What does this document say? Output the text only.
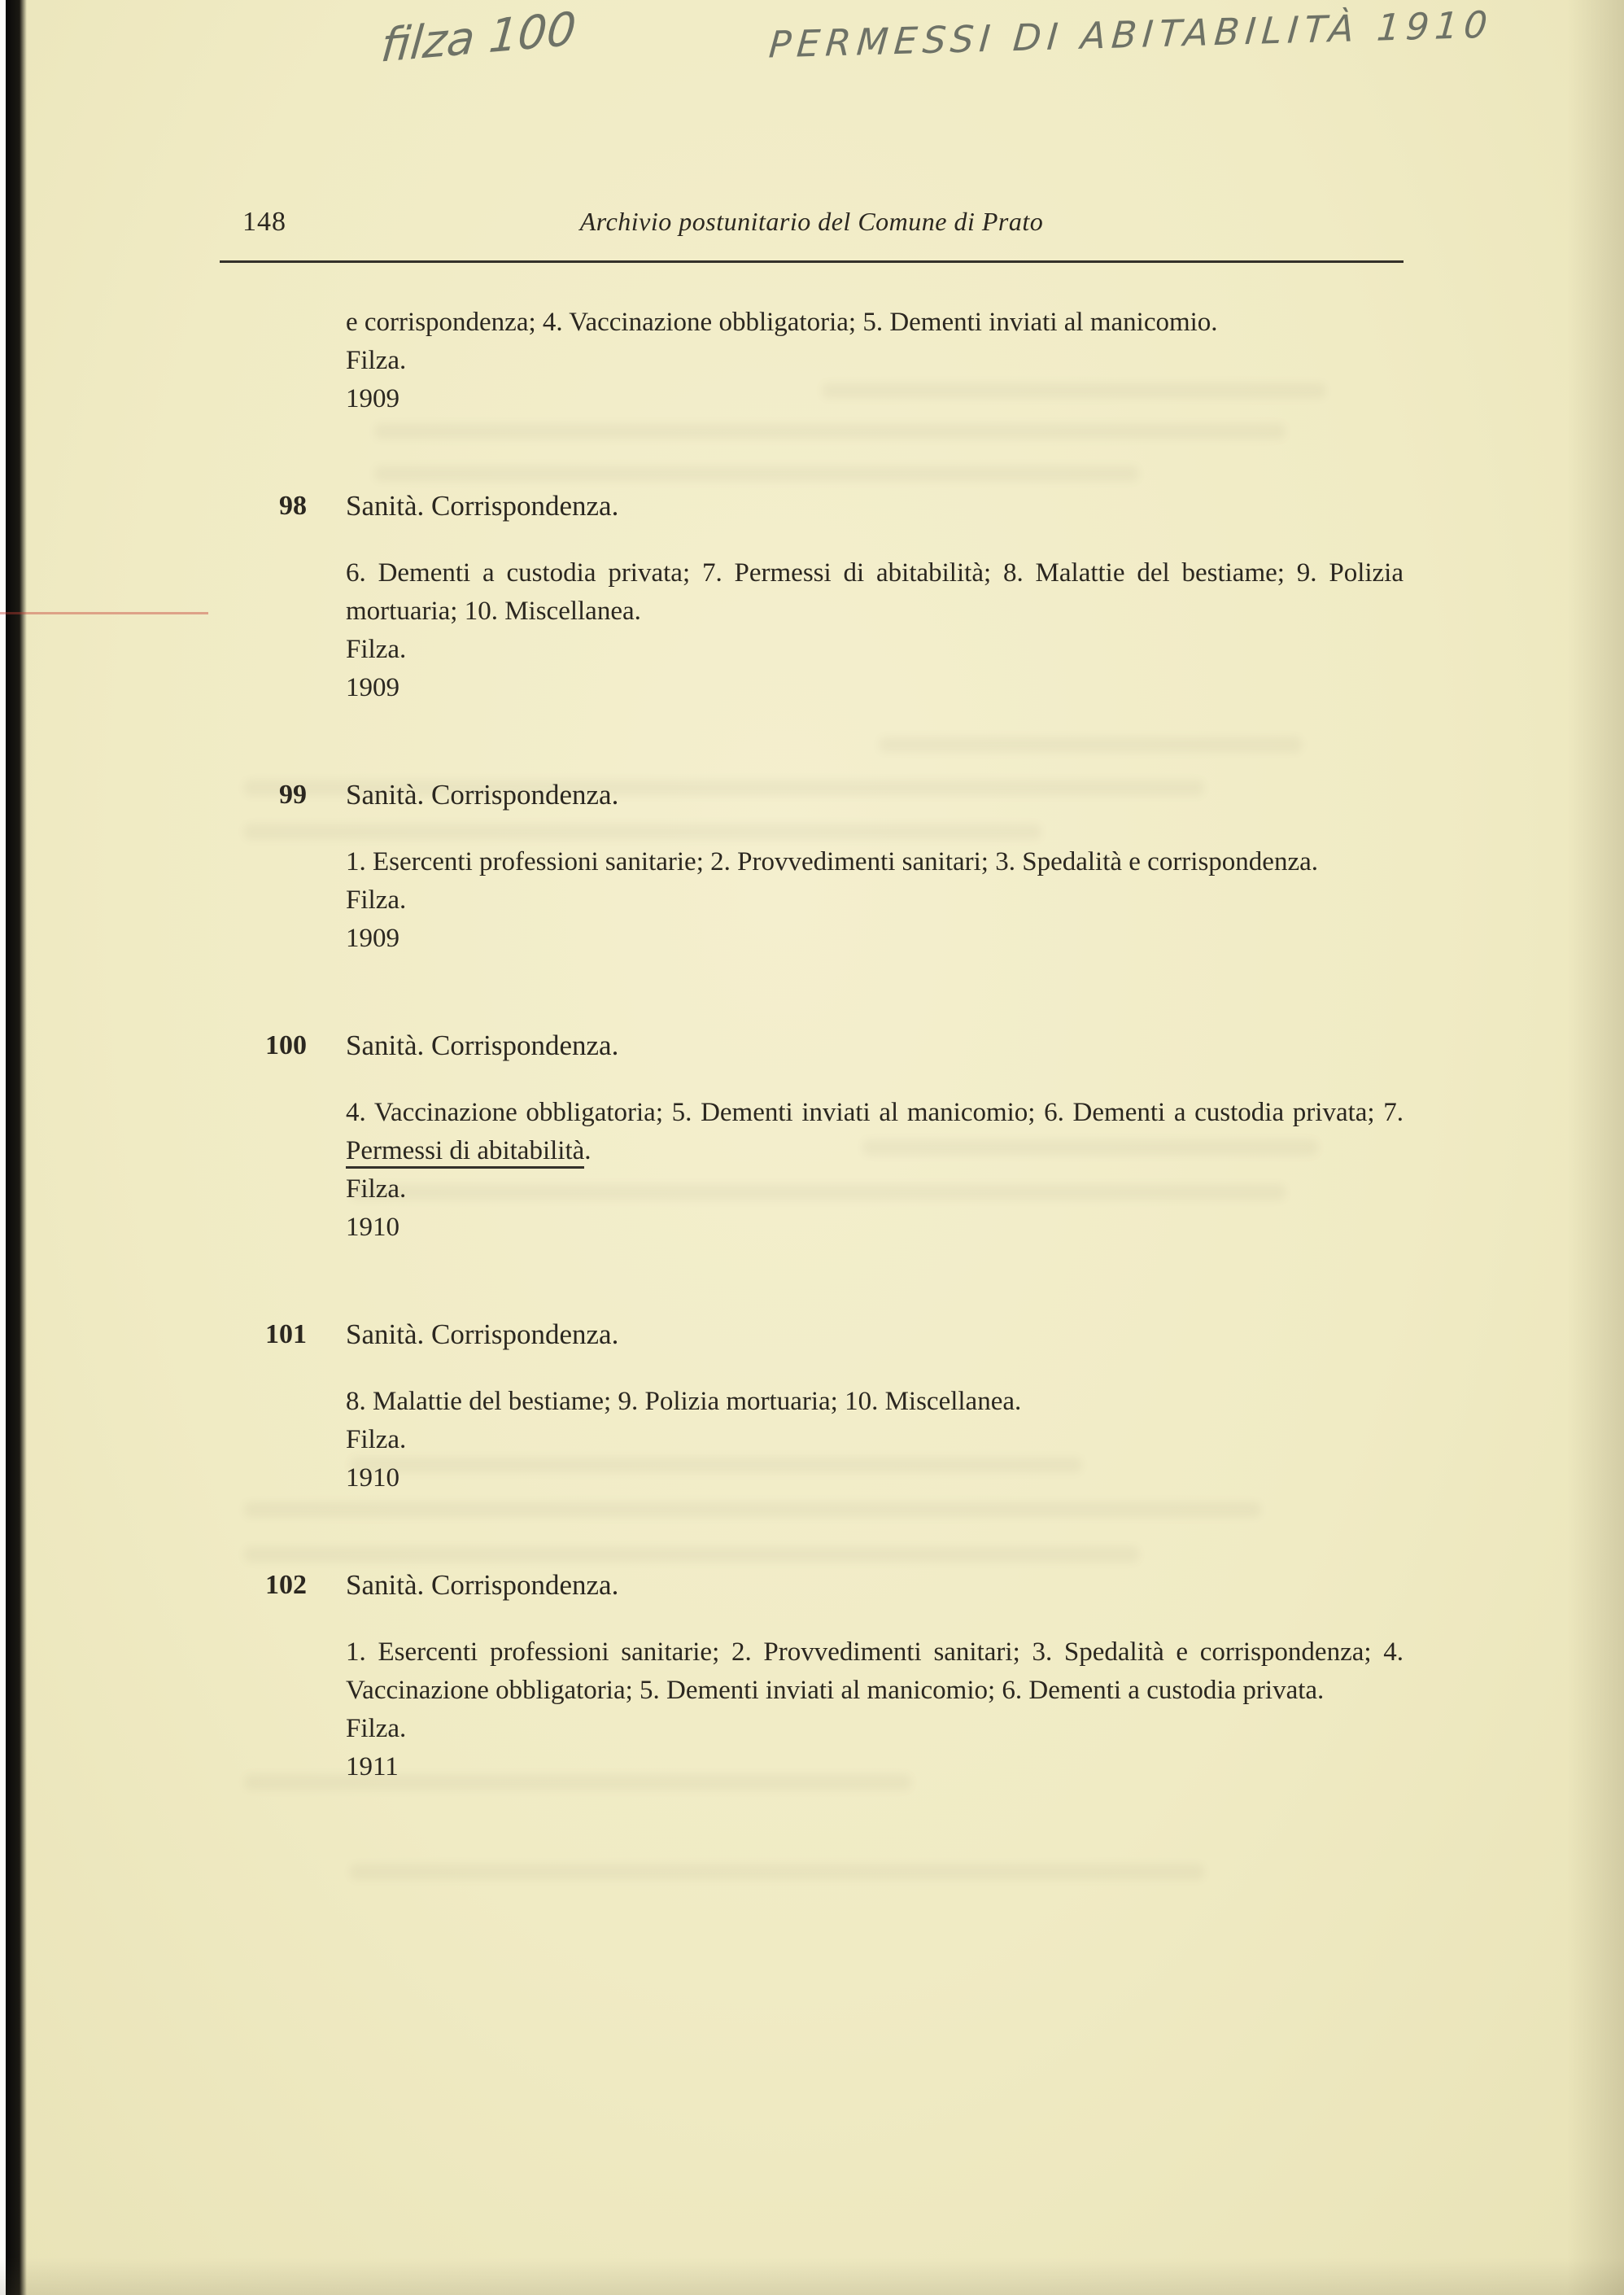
filza 100	PERMESSI DI ABITABILITÀ 1910
148	Archivio postunitario del Comune di Prato

e corrispondenza; 4. Vaccinazione obbligatoria; 5. Dementi inviati al manicomio.

Filza.
1909
98	Sanità. Corrispondenza.

6. Dementi a custodia privata; 7. Permessi di abitabilità; 8. Malattie del bestiame; 9. Polizia mortuaria; 10. Miscellanea.

Filza.
1909
99	Sanità. Corrispondenza.

1. Esercenti professioni sanitarie; 2. Provvedimenti sanitari; 3. Spedalità e corrispondenza.

Filza.
1909
100	Sanità. Corrispondenza.

4. Vaccinazione obbligatoria; 5. Dementi inviati al manicomio; 6. Dementi a custodia privata; 7. Permessi di abitabilità.

Filza.
1910
101	Sanità. Corrispondenza.

8. Malattie del bestiame; 9. Polizia mortuaria; 10. Miscellanea.

Filza.
1910
102	Sanità. Corrispondenza.

1. Esercenti professioni sanitarie; 2. Provvedimenti sanitari; 3. Spedalità e corrispondenza; 4. Vaccinazione obbligatoria; 5. Dementi inviati al manicomio; 6. Dementi a custodia privata.

Filza.
1911
